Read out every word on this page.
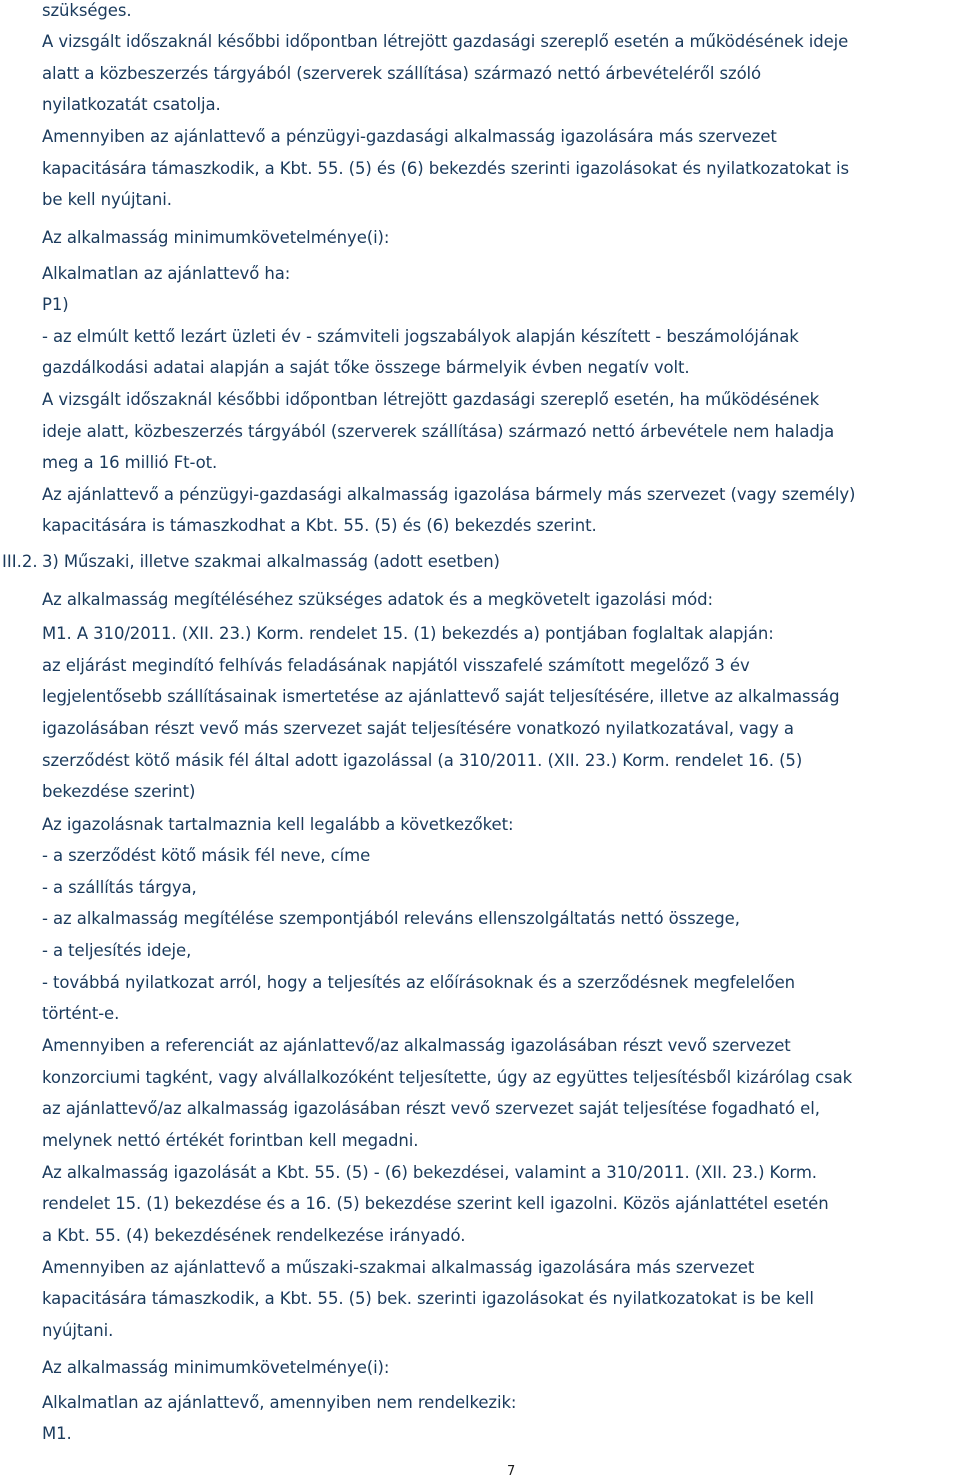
szükséges.
A vizsgált időszaknál későbbi időpontban létrejött gazdasági szereplő esetén a működésének ideje
alatt a közbeszerzés tárgyából (szerverek szállítása) származó nettó árbevételéről szóló
nyilatkozatát csatolja.
Amennyiben az ajánlattevő a pénzügyi-gazdasági alkalmasság igazolására más szervezet
kapacitására támaszkodik, a Kbt. 55. (5) és (6) bekezdés szerinti igazolásokat és nyilatkozatokat is
be kell nyújtani.
Az alkalmasság minimumkövetelménye(i):
Alkalmatlan az ajánlattevő ha:
P1)
- az elmúlt kettő lezárt üzleti év - számviteli jogszabályok alapján készített - beszámolójának
gazdálkodási adatai alapján a saját tőke összege bármelyik évben negatív volt.
A vizsgált időszaknál későbbi időpontban létrejött gazdasági szereplő esetén, ha működésének
ideje alatt, közbeszerzés tárgyából (szerverek szállítása) származó nettó árbevétele nem haladja
meg a 16 millió Ft-ot.
Az ajánlattevő a pénzügyi-gazdasági alkalmasság igazolása bármely más szervezet (vagy személy)
kapacitására is támaszkodhat a Kbt. 55. (5) és (6) bekezdés szerint.
III.2. 3) Műszaki, illetve szakmai alkalmasság (adott esetben)
Az alkalmasság megítéléséhez szükséges adatok és a megkövetelt igazolási mód:
M1. A 310/2011. (XII. 23.) Korm. rendelet 15. (1) bekezdés a) pontjában foglaltak alapján:
az eljárást megindító felhívás feladásának napjától visszafelé számított megelőző 3 év
legjelentősebb szállításainak ismertetése az ajánlattevő saját teljesítésére, illetve az alkalmasság
igazolásában részt vevő más szervezet saját teljesítésére vonatkozó nyilatkozatával, vagy a
szerződést kötő másik fél által adott igazolással (a 310/2011. (XII. 23.) Korm. rendelet 16. (5)
bekezdése szerint)
Az igazolásnak tartalmaznia kell legalább a következőket:
- a szerződést kötő másik fél neve, címe
- a szállítás tárgya,
- az alkalmasság megítélése szempontjából releváns ellenszolgáltatás nettó összege,
- a teljesítés ideje,
- továbbá nyilatkozat arról, hogy a teljesítés az előírásoknak és a szerződésnek megfelelően
történt-e.
Amennyiben a referenciát az ajánlattevő/az alkalmasság igazolásában részt vevő szervezet
konzorciumi tagként, vagy alvállalkozóként teljesítette, úgy az együttes teljesítésből kizárólag csak
az ajánlattevő/az alkalmasság igazolásában részt vevő szervezet saját teljesítése fogadható el,
melynek nettó értékét forintban kell megadni.
Az alkalmasság igazolását a Kbt. 55. (5) - (6) bekezdései, valamint a 310/2011. (XII. 23.) Korm.
rendelet 15. (1) bekezdése és a 16. (5) bekezdése szerint kell igazolni. Közös ajánlattétel esetén
a Kbt. 55. (4) bekezdésének rendelkezése irányadó.
Amennyiben az ajánlattevő a műszaki-szakmai alkalmasság igazolására más szervezet
kapacitására támaszkodik, a Kbt. 55. (5) bek. szerinti igazolásokat és nyilatkozatokat is be kell
nyújtani.
Az alkalmasság minimumkövetelménye(i):
Alkalmatlan az ajánlattevő, amennyiben nem rendelkezik:
M1.
7
